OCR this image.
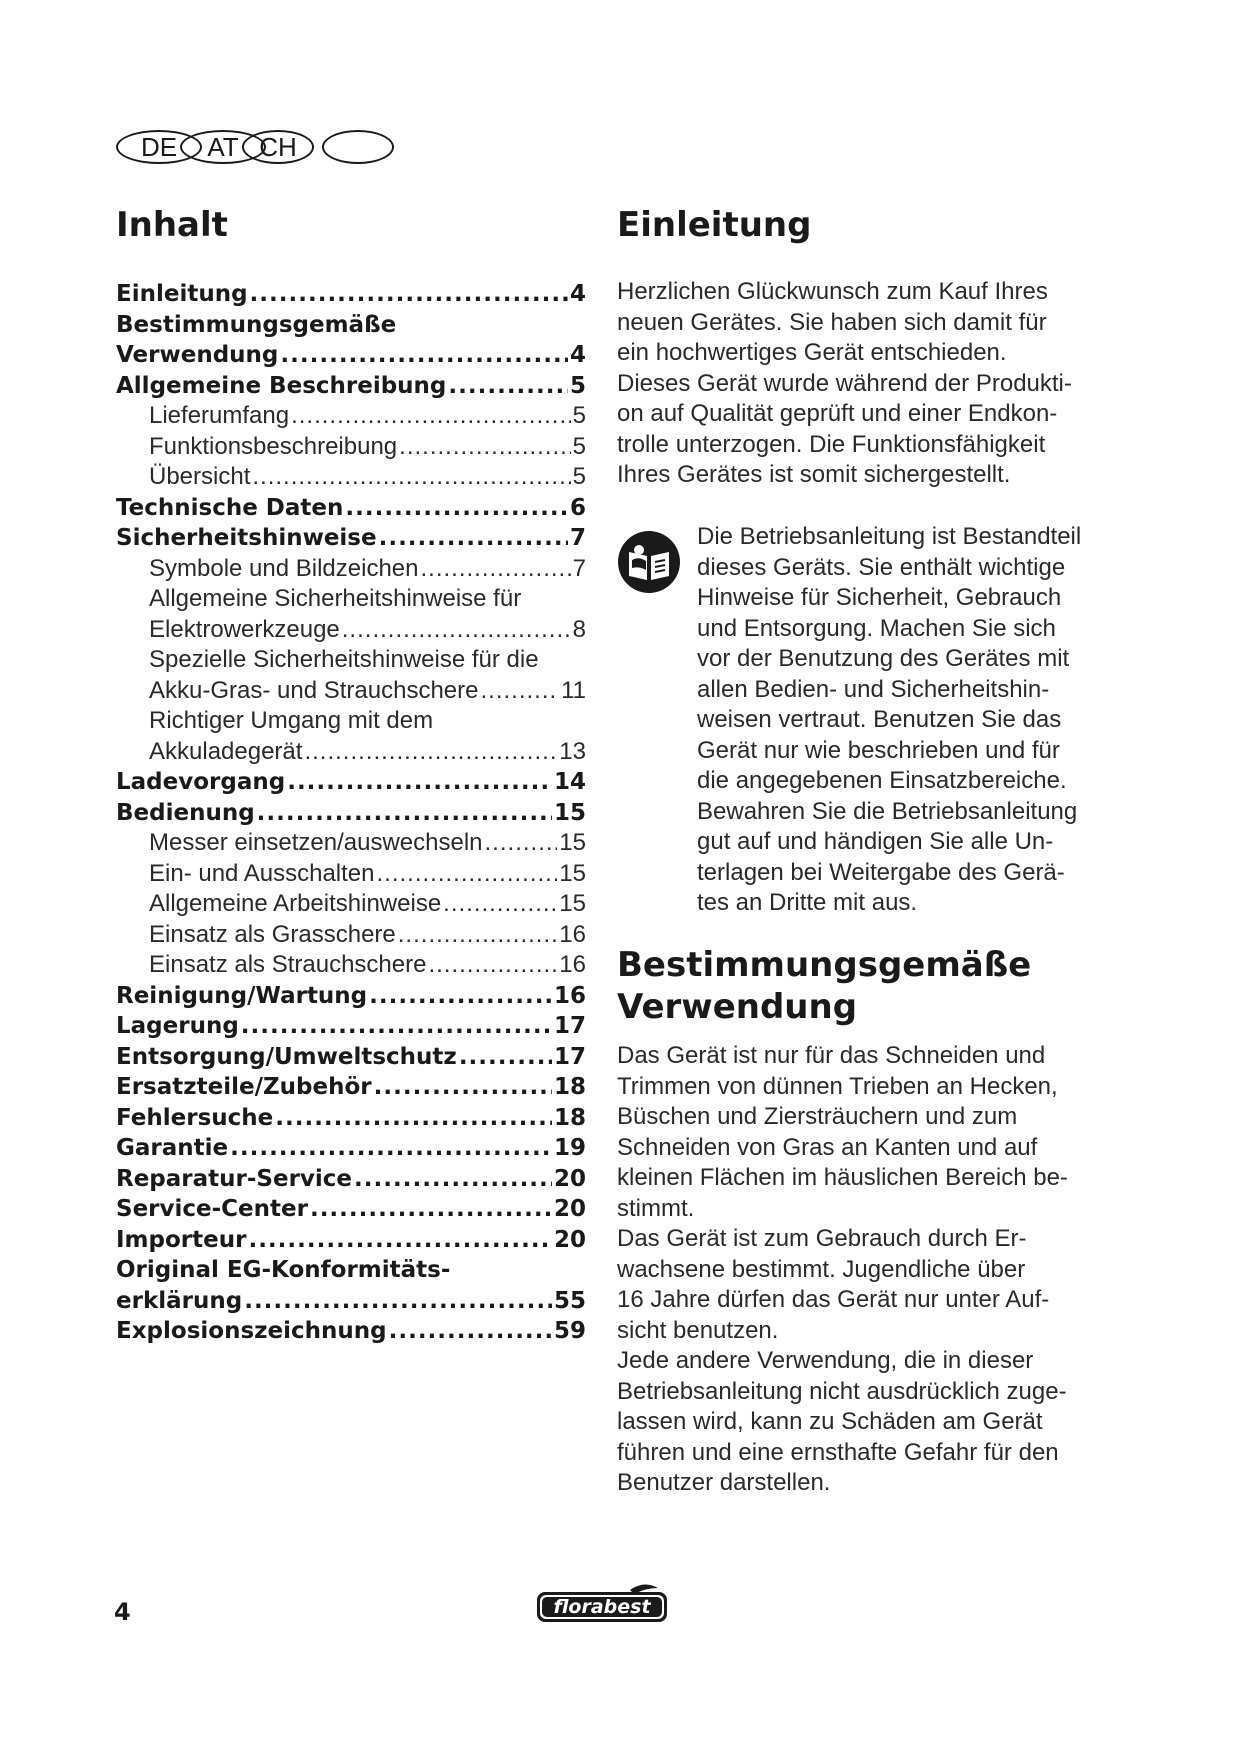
DE AT CH
Inhalt
Einleitung .....	4
Bestimmungsgemäße
Verwendung .....	4
Allgemeine Beschreibung .....	5
Lieferumfang .....	5
Funktionsbeschreibung .....	5
Übersicht .....	5
Technische Daten .....	6
Sicherheitshinweise .....	7
Symbole und Bildzeichen .....	7
Allgemeine Sicherheitshinweise für
Elektrowerkzeuge .....	8
Spezielle Sicherheitshinweise für die
Akku-Gras- und Strauchschere .....	11
Richtiger Umgang mit dem
Akkuladegerät .....	13
Ladevorgang .....	14
Bedienung .....	15
Messer einsetzen/auswechseln .....	15
Ein- und Ausschalten .....	15
Allgemeine Arbeitshinweise .....	15
Einsatz als Grasschere .....	16
Einsatz als Strauchschere .....	16
Reinigung/Wartung .....	16
Lagerung .....	17
Entsorgung/Umweltschutz .....	17
Ersatzteile/Zubehör .....	18
Fehlersuche .....	18
Garantie .....	19
Reparatur-Service .....	20
Service-Center .....	20
Importeur .....	20
Original EG-Konformitäts-
erklärung .....	55
Explosionszeichnung .....	59
Einleitung
Herzlichen Glückwunsch zum Kauf Ihres
neuen Gerätes. Sie haben sich damit für
ein hochwertiges Gerät entschieden.
Dieses Gerät wurde während der Produkti-
on auf Qualität geprüft und einer Endkon-
trolle unterzogen. Die Funktionsfähigkeit
Ihres Gerätes ist somit sichergestellt.
Die Betriebsanleitung ist Bestandteil
dieses Geräts. Sie enthält wichtige
Hinweise für Sicherheit, Gebrauch
und Entsorgung. Machen Sie sich
vor der Benutzung des Gerätes mit
allen Bedien- und Sicherheitshin-
weisen vertraut. Benutzen Sie das
Gerät nur wie beschrieben und für
die angegebenen Einsatzbereiche.
Bewahren Sie die Betriebsanleitung
gut auf und händigen Sie alle Un-
terlagen bei Weitergabe des Gerä-
tes an Dritte mit aus.
Bestimmungsgemäße
Verwendung
Das Gerät ist nur für das Schneiden und
Trimmen von dünnen Trieben an Hecken,
Büschen und Ziersträuchern und zum
Schneiden von Gras an Kanten und auf
kleinen Flächen im häuslichen Bereich be-
stimmt.
Das Gerät ist zum Gebrauch durch Er-
wachsene bestimmt. Jugendliche über
16 Jahre dürfen das Gerät nur unter Auf-
sicht benutzen.
Jede andere Verwendung, die in dieser
Betriebsanleitung nicht ausdrücklich zuge-
lassen wird, kann zu Schäden am Gerät
führen und eine ernsthafte Gefahr für den
Benutzer darstellen.
4	florabest
